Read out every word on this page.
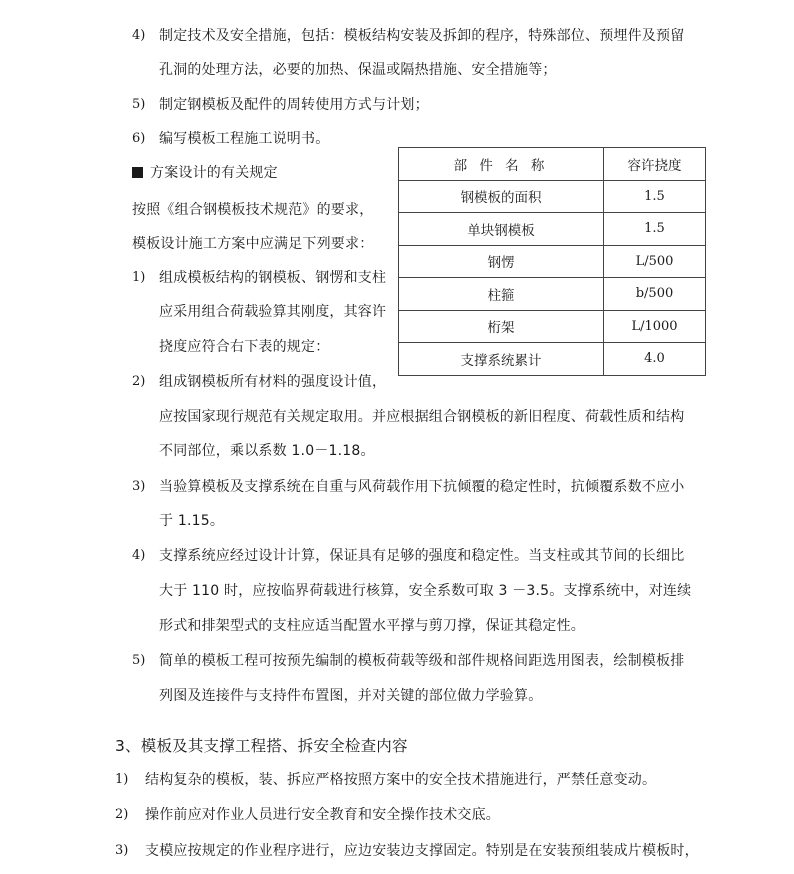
4) 制定技术及安全措施，包括：模板结构安装及拆卸的程序，特殊部位、预埋件及预留
孔洞的处理方法，必要的加热、保温或隔热措施、安全措施等；
5) 制定钢模板及配件的周转使用方式与计划；
6) 编写模板工程施工说明书。
方案设计的有关规定
按照《组合钢模板技术规范》的要求，
模板设计施工方案中应满足下列要求：
部 件 名 称	容许挠度
钢模板的面积	1.5
单块钢模板	1.5
钢愣	L/500
柱箍	b/500
桁架	L/1000
支撑系统累计	4.0
1) 组成模板结构的钢模板、钢愣和支柱
应采用组合荷载验算其刚度，其容许
挠度应符合右下表的规定：
2) 组成钢模板所有材料的强度设计值，
应按国家现行规范有关规定取用。并应根据组合钢模板的新旧程度、荷载性质和结构
不同部位，乘以系数 1.0－1.18。
3) 当验算模板及支撑系统在自重与风荷载作用下抗倾覆的稳定性时，抗倾覆系数不应小
于 1.15。
4) 支撑系统应经过设计计算，保证具有足够的强度和稳定性。当支柱或其节间的长细比
大于 110 时，应按临界荷载进行核算，安全系数可取 3 －3.5。支撑系统中，对连续
形式和排架型式的支柱应适当配置水平撑与剪刀撑，保证其稳定性。
5) 简单的模板工程可按预先编制的模板荷载等级和部件规格间距选用图表，绘制模板排
列图及连接件与支持件布置图，并对关键的部位做力学验算。
3、模板及其支撑工程搭、拆安全检查内容
1) 结构复杂的模板，装、拆应严格按照方案中的安全技术措施进行，严禁任意变动。
2) 操作前应对作业人员进行安全教育和安全操作技术交底。
3) 支模应按规定的作业程序进行，应边安装边支撑固定。特别是在安装预组装成片模板时，
